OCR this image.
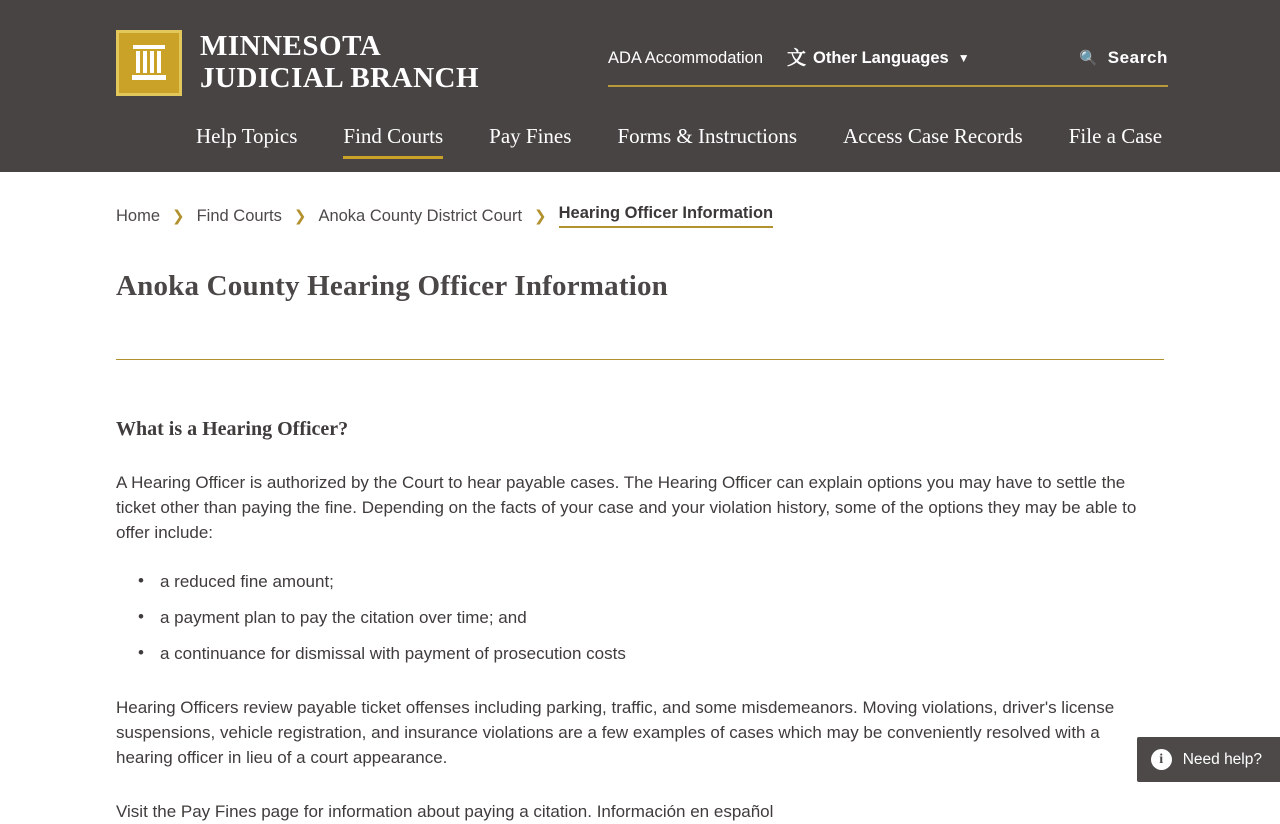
MINNESOTA
JUDICIAL BRANCH
ADA Accommodation 文 Other Languages ▼	🔍 Search
Help Topics	Find Courts	Pay Fines	Forms & Instructions	Access Case Records	File a Case
Home ❯ Find Courts ❯ Anoka County District Court ❯ Hearing Officer Information
Anoka County Hearing Officer Information
What is a Hearing Officer?

A Hearing Officer is authorized by the Court to hear payable cases. The Hearing Officer can explain options you may have to settle the ticket other than paying the fine. Depending on the facts of your case and your violation history, some of the options they may be able to offer include:

• a reduced fine amount;
• a payment plan to pay the citation over time; and
• a continuance for dismissal with payment of prosecution costs

Hearing Officers review payable ticket offenses including parking, traffic, and some misdemeanors. Moving violations, driver's license suspensions, vehicle registration, and insurance violations are a few examples of cases which may be conveniently resolved with a hearing officer in lieu of a court appearance.

Visit the Pay Fines page for information about paying a citation. Información en español

i	Need help?
